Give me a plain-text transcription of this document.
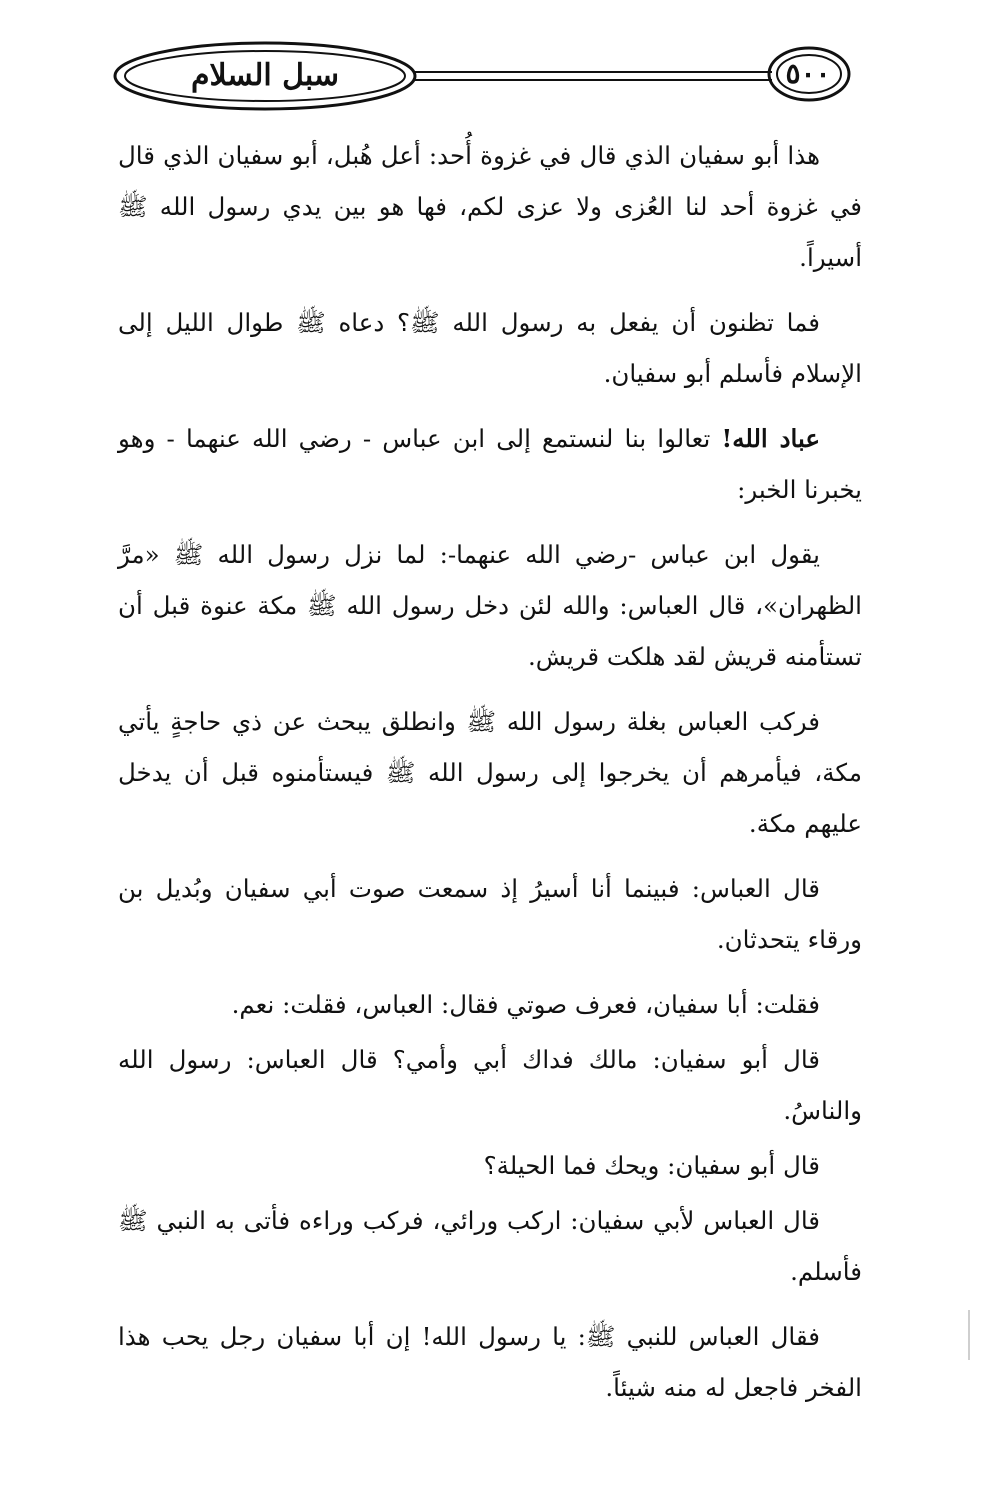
سبل السلام	٥٠٠

هذا أبو سفيان الذي قال في غزوة أُحد: أعل هُبل، أبو سفيان الذي قال في غزوة أحد لنا العُزى ولا عزى لكم، فها هو بين يدي رسول الله ﷺ أسيراً.

فما تظنون أن يفعل به رسول الله ﷺ؟ دعاه ﷺ طوال الليل إلى الإسلام فأسلم أبو سفيان.

عباد الله! تعالوا بنا لنستمع إلى ابن عباس - رضي الله عنهما - وهو يخبرنا الخبر:

يقول ابن عباس -رضي الله عنهما-: لما نزل رسول الله ﷺ «مرَّ الظهران»، قال العباس: والله لئن دخل رسول الله ﷺ مكة عنوة قبل أن تستأمنه قريش لقد هلكت قريش.

فركب العباس بغلة رسول الله ﷺ وانطلق يبحث عن ذي حاجةٍ يأتي مكة، فيأمرهم أن يخرجوا إلى رسول الله ﷺ فيستأمنوه قبل أن يدخل عليهم مكة.

قال العباس: فبينما أنا أسيرُ إذ سمعت صوت أبي سفيان وبُديل بن ورقاء يتحدثان.

فقلت: أبا سفيان، فعرف صوتي فقال: العباس، فقلت: نعم.

قال أبو سفيان: مالك فداك أبي وأمي؟ قال العباس: رسول الله والناسُ.

قال أبو سفيان: ويحك فما الحيلة؟

قال العباس لأبي سفيان: اركب ورائي، فركب وراءه فأتى به النبي ﷺ فأسلم.

فقال العباس للنبي ﷺ: يا رسول الله! إن أبا سفيان رجل يحب هذا الفخر فاجعل له منه شيئاً.
